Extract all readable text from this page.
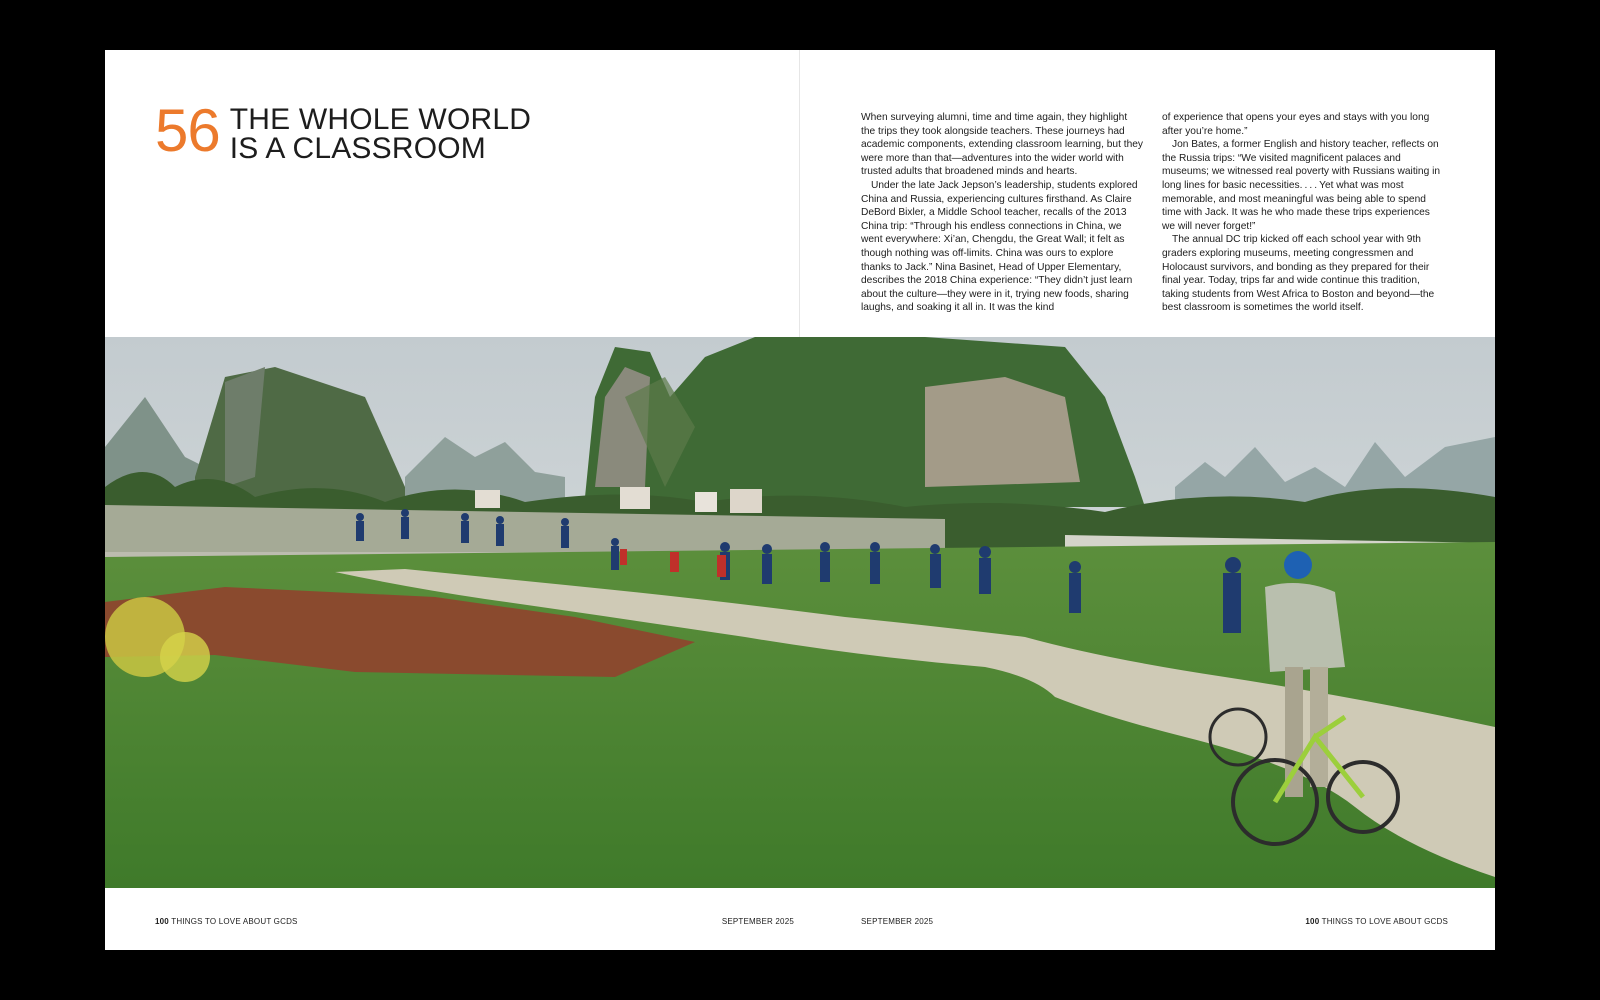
56 THE WHOLE WORLD
IS A CLASSROOM

When surveying alumni, time and time again, they highlight the trips they took alongside teachers. These journeys had academic components, extending classroom learning, but they were more than that—adventures into the wider world with trusted adults that broadened minds and hearts.

Under the late Jack Jepson’s leadership, students explored China and Russia, experiencing cultures firsthand. As Claire DeBord Bixler, a Middle School teacher, recalls of the 2013 China trip: “Through his endless connections in China, we went everywhere: Xi’an, Chengdu, the Great Wall; it felt as though nothing was off-limits. China was ours to explore thanks to Jack.” Nina Basinet, Head of Upper Elementary, describes the 2018 China experience: “They didn’t just learn about the culture—they were in it, trying new foods, sharing laughs, and soaking it all in. It was the kind

of experience that opens your eyes and stays with you long after you’re home.”

Jon Bates, a former English and history teacher, reflects on the Russia trips: “We visited magnificent palaces and museums; we witnessed real poverty with Russians waiting in long lines for basic necessities. . . . Yet what was most memorable, and most meaningful was being able to spend time with Jack. It was he who made these trips experiences we will never forget!”

The annual DC trip kicked off each school year with 9th graders exploring museums, meeting congressmen and Holocaust survivors, and bonding as they prepared for their final year. Today, trips far and wide continue this tradition, taking students from West Africa to Boston and beyond—the best classroom is sometimes the world itself.

100 THINGS TO LOVE ABOUT GCDS	SEPTEMBER 2025	SEPTEMBER 2025	100 THINGS TO LOVE ABOUT GCDS
